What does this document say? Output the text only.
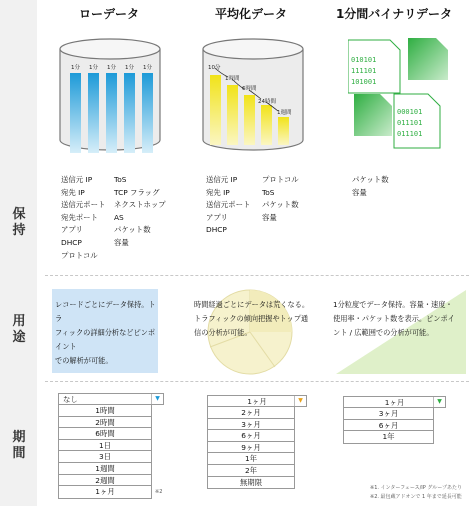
保
持
用
途
期
間
ローデータ	平均化データ	1分間バイナリデータ
1分 1分 1分 1分 1分	10分
1時間
6時間
24時間
1週間
010101
111101
101001
000101
011101
011101
送信元 IP
宛先 IP
送信元ポート
宛先ポート
アプリ
DHCP
プロトコル
ToS
TCP フラッグ
ネクストホップ
AS
パケット数
容量
送信元 IP
宛先 IP
送信元ポート
アプリ
DHCP
プロトコル
ToS
パケット数
容量
パケット数
容量
レコードごとにデータ保持。トラ
フィックの詳細分析などピンポイント
での解析が可能。
時間経過ごとにデータは荒くなる。
トラフィックの傾向把握やトップ通
信の分析が可能。
1分粒度でデータ保持。容量・速度・
使用率・パケット数を表示。ピンポイ
ント / 広範囲での分析が可能。
なし	▼
1時間
2時間
6時間
1日
3日
1週間
2週間
1ヶ月	※2
1ヶ月	▼
2ヶ月
3ヶ月
6ヶ月
9ヶ月
1年
2年
無期限
1ヶ月	▼
3ヶ月
6ヶ月
1年
※1. インターフェース/IP グループあたり
※2. 最包蔵アドオンで 1 年まで延長可能
